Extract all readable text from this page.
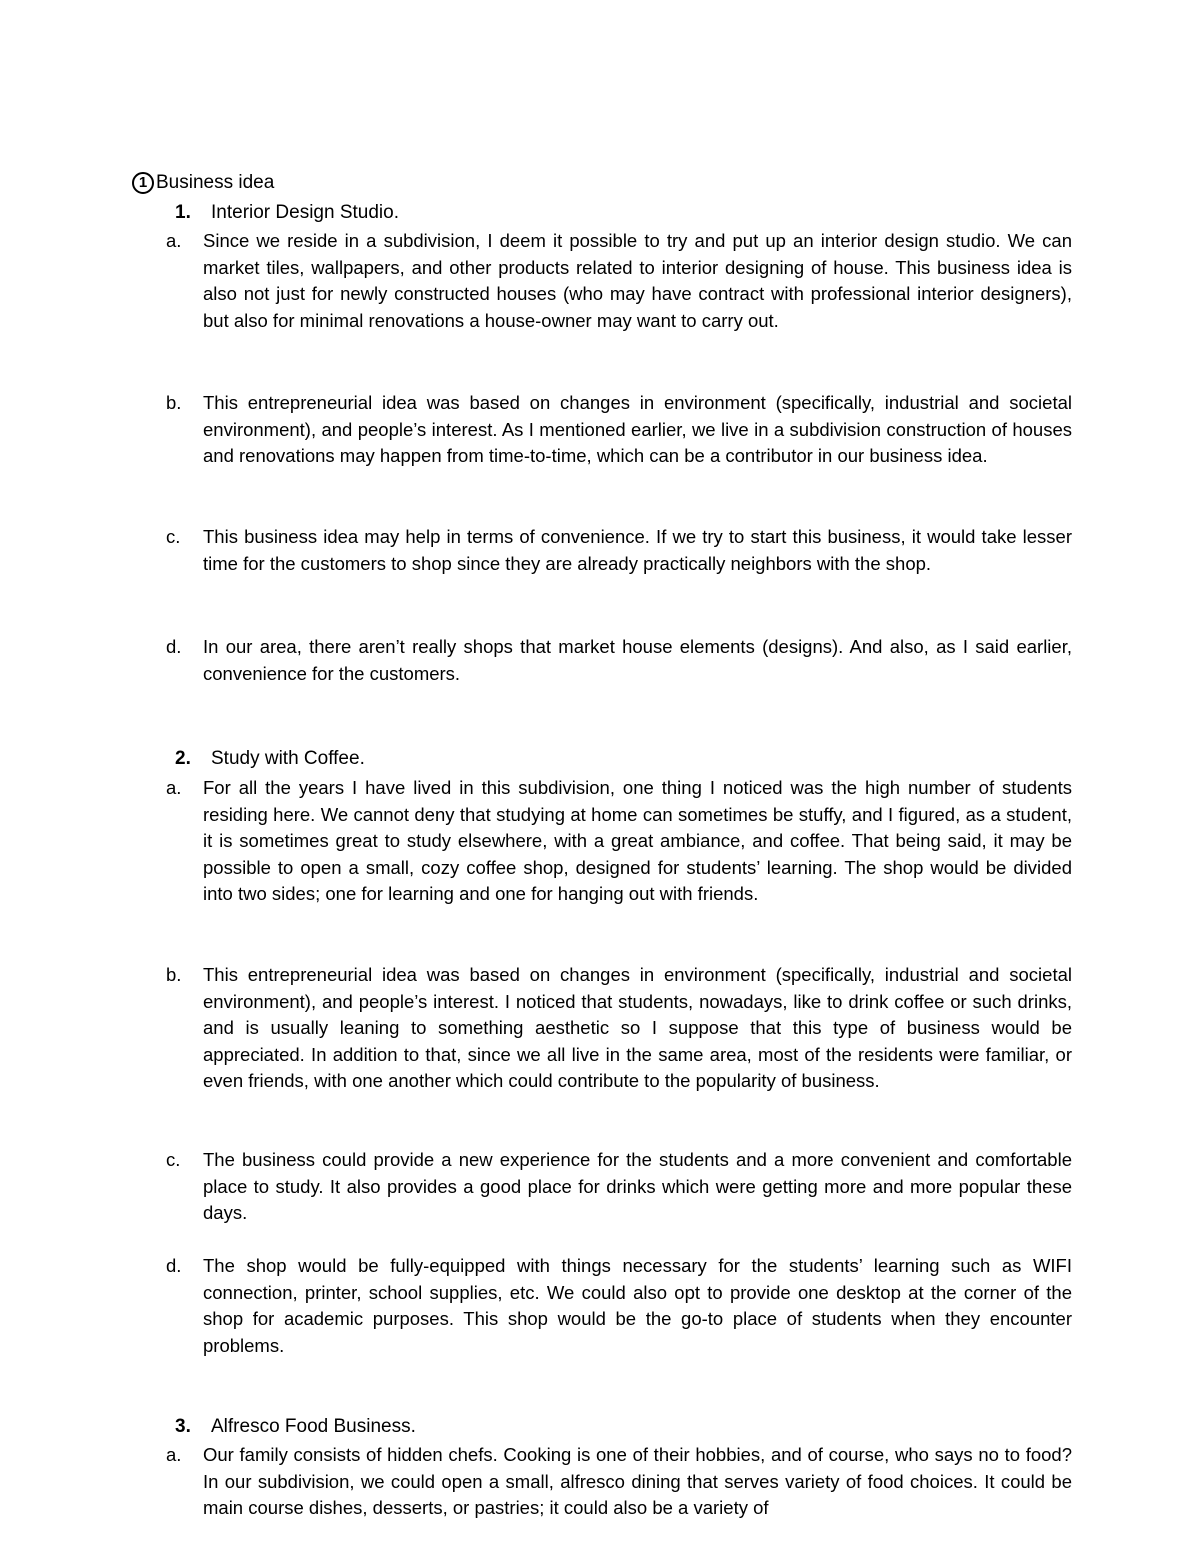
1 Business idea
1. Interior Design Studio.
a.	Since we reside in a subdivision, I deem it possible to try and put up an interior design studio. We can market tiles, wallpapers, and other products related to interior designing of house. This business idea is also not just for newly constructed houses (who may have contract with professional interior designers), but also for minimal renovations a house-owner may want to carry out.
b.	This entrepreneurial idea was based on changes in environment (specifically, industrial and societal environment), and people’s interest. As I mentioned earlier, we live in a subdivision construction of houses and renovations may happen from time-to-time, which can be a contributor in our business idea.
c.	This business idea may help in terms of convenience. If we try to start this business, it would take lesser time for the customers to shop since they are already practically neighbors with the shop.
d.	In our area, there aren’t really shops that market house elements (designs). And also, as I said earlier, convenience for the customers.
2. Study with Coffee.
a.	For all the years I have lived in this subdivision, one thing I noticed was the high number of students residing here. We cannot deny that studying at home can sometimes be stuffy, and I figured, as a student, it is sometimes great to study elsewhere, with a great ambiance, and coffee. That being said, it may be possible to open a small, cozy coffee shop, designed for students’ learning. The shop would be divided into two sides; one for learning and one for hanging out with friends.
b.	This entrepreneurial idea was based on changes in environment (specifically, industrial and societal environment), and people’s interest. I noticed that students, nowadays, like to drink coffee or such drinks, and is usually leaning to something aesthetic so I suppose that this type of business would be appreciated. In addition to that, since we all live in the same area, most of the residents were familiar, or even friends, with one another which could contribute to the popularity of business.
c.	The business could provide a new experience for the students and a more convenient and comfortable place to study. It also provides a good place for drinks which were getting more and more popular these days.
d.	The shop would be fully-equipped with things necessary for the students’ learning such as WIFI connection, printer, school supplies, etc. We could also opt to provide one desktop at the corner of the shop for academic purposes. This shop would be the go-to place of students when they encounter problems.
3. Alfresco Food Business.
a.	Our family consists of hidden chefs. Cooking is one of their hobbies, and of course, who says no to food? In our subdivision, we could open a small, alfresco dining that serves variety of food choices. It could be main course dishes, desserts, or pastries; it could also be a variety of
